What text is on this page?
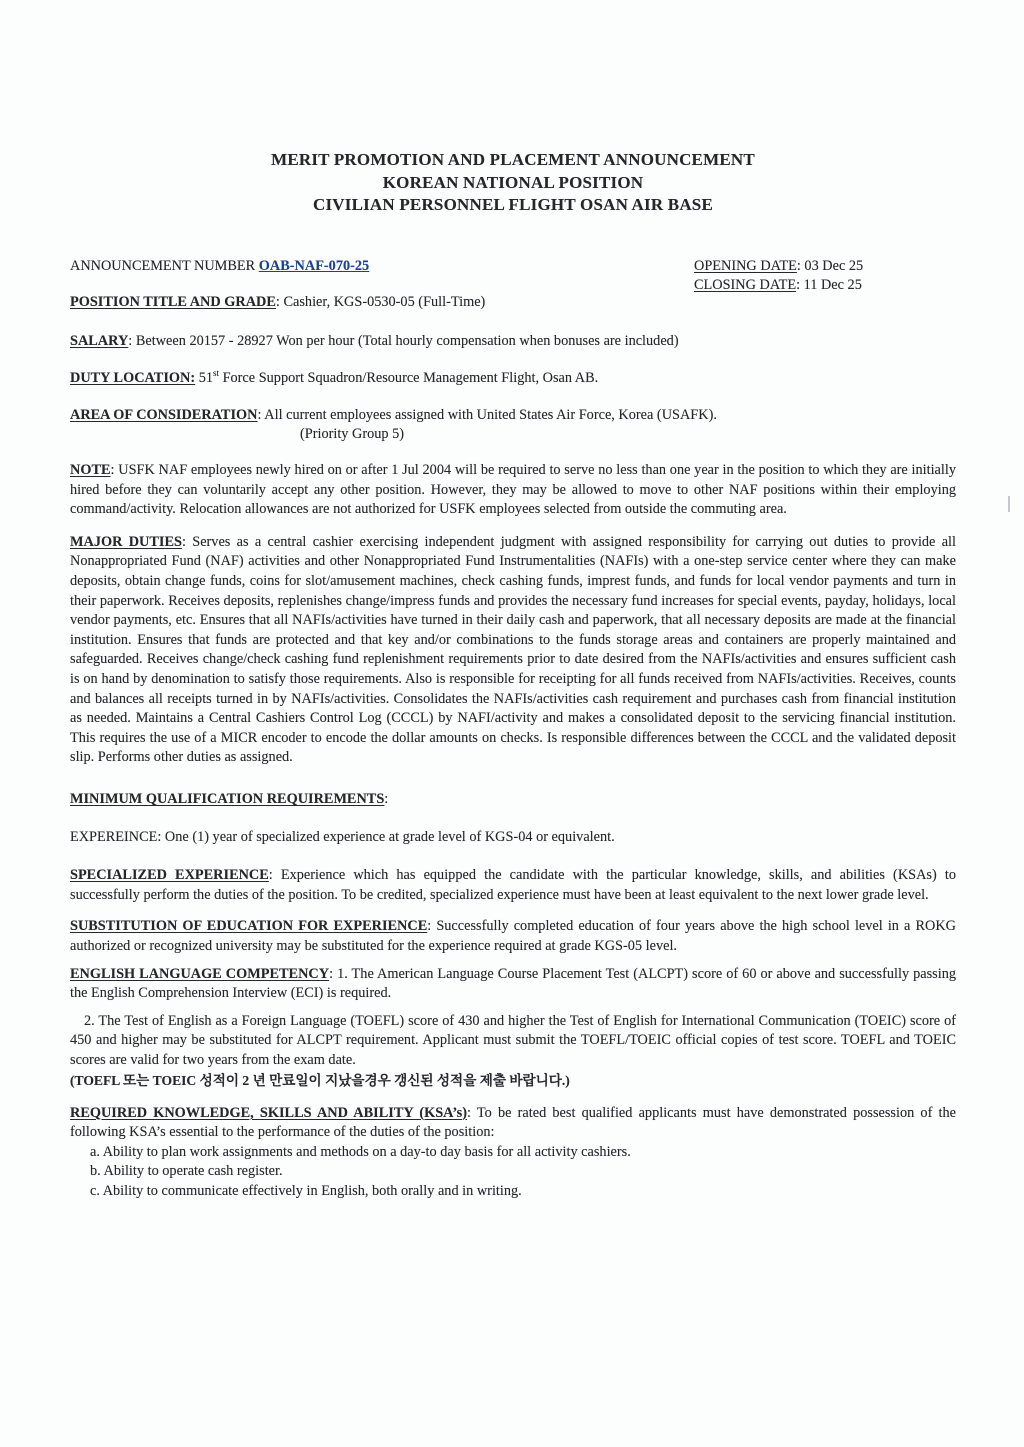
MERIT PROMOTION AND PLACEMENT ANNOUNCEMENT
KOREAN NATIONAL POSITION
CIVILIAN PERSONNEL FLIGHT OSAN AIR BASE
ANNOUNCEMENT NUMBER OAB-NAF-070-25	OPENING DATE: 03 Dec 25
CLOSING DATE: 11 Dec 25
POSITION TITLE AND GRADE: Cashier, KGS-0530-05 (Full-Time)
SALARY: Between 20157 - 28927 Won per hour (Total hourly compensation when bonuses are included)
DUTY LOCATION: 51st Force Support Squadron/Resource Management Flight, Osan AB.
AREA OF CONSIDERATION: All current employees assigned with United States Air Force, Korea (USAFK).
(Priority Group 5)
NOTE: USFK NAF employees newly hired on or after 1 Jul 2004 will be required to serve no less than one year in the position to which they are initially hired before they can voluntarily accept any other position. However, they may be allowed to move to other NAF positions within their employing command/activity. Relocation allowances are not authorized for USFK employees selected from outside the commuting area.
MAJOR DUTIES: Serves as a central cashier exercising independent judgment with assigned responsibility for carrying out duties to provide all Nonappropriated Fund (NAF) activities and other Nonappropriated Fund Instrumentalities (NAFIs) with a one-step service center where they can make deposits, obtain change funds, coins for slot/amusement machines, check cashing funds, imprest funds, and funds for local vendor payments and turn in their paperwork. Receives deposits, replenishes change/impress funds and provides the necessary fund increases for special events, payday, holidays, local vendor payments, etc. Ensures that all NAFIs/activities have turned in their daily cash and paperwork, that all necessary deposits are made at the financial institution. Ensures that funds are protected and that key and/or combinations to the funds storage areas and containers are properly maintained and safeguarded. Receives change/check cashing fund replenishment requirements prior to date desired from the NAFIs/activities and ensures sufficient cash is on hand by denomination to satisfy those requirements. Also is responsible for receipting for all funds received from NAFIs/activities. Receives, counts and balances all receipts turned in by NAFIs/activities. Consolidates the NAFIs/activities cash requirement and purchases cash from financial institution as needed. Maintains a Central Cashiers Control Log (CCCL) by NAFI/activity and makes a consolidated deposit to the servicing financial institution. This requires the use of a MICR encoder to encode the dollar amounts on checks. Is responsible differences between the CCCL and the validated deposit slip. Performs other duties as assigned.
MINIMUM QUALIFICATION REQUIREMENTS:
EXPEREINCE: One (1) year of specialized experience at grade level of KGS-04 or equivalent.
SPECIALIZED EXPERIENCE: Experience which has equipped the candidate with the particular knowledge, skills, and abilities (KSAs) to successfully perform the duties of the position. To be credited, specialized experience must have been at least equivalent to the next lower grade level.
SUBSTITUTION OF EDUCATION FOR EXPERIENCE: Successfully completed education of four years above the high school level in a ROKG authorized or recognized university may be substituted for the experience required at grade KGS-05 level.
ENGLISH LANGUAGE COMPETENCY: 1. The American Language Course Placement Test (ALCPT) score of 60 or above and successfully passing the English Comprehension Interview (ECI) is required.
2. The Test of English as a Foreign Language (TOEFL) score of 430 and higher the Test of English for International Communication (TOEIC) score of 450 and higher may be substituted for ALCPT requirement. Applicant must submit the TOEFL/TOEIC official copies of test score. TOEFL and TOEIC scores are valid for two years from the exam date.
(TOEFL 또는 TOEIC 성적이 2 년 만료일이 지났을경우 갱신된 성적을 제출 바랍니다.)
REQUIRED KNOWLEDGE, SKILLS AND ABILITY (KSA’s): To be rated best qualified applicants must have demonstrated possession of the following KSA’s essential to the performance of the duties of the position:
a. Ability to plan work assignments and methods on a day-to day basis for all activity cashiers.
b. Ability to operate cash register.
c. Ability to communicate effectively in English, both orally and in writing.
